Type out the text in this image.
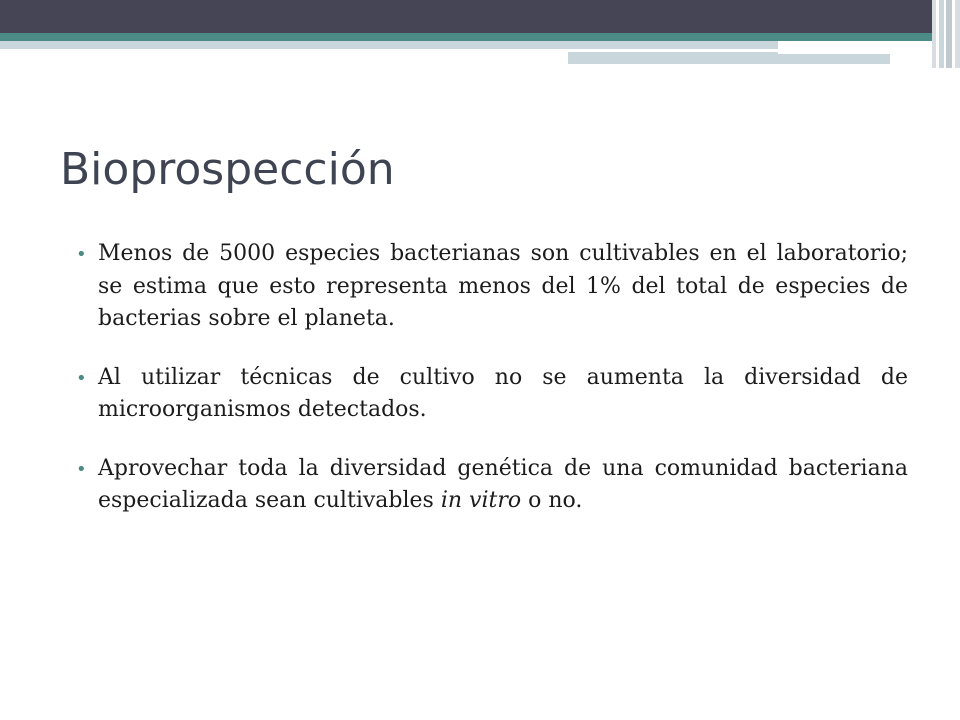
Bioprospección
• Menos de 5000 especies bacterianas son cultivables en el laboratorio; se estima que esto representa menos del 1% del total de especies de bacterias sobre el planeta.
• Al utilizar técnicas de cultivo no se aumenta la diversidad de microorganismos detectados.
• Aprovechar toda la diversidad genética de una comunidad bacteriana especializada sean cultivables in vitro o no.
